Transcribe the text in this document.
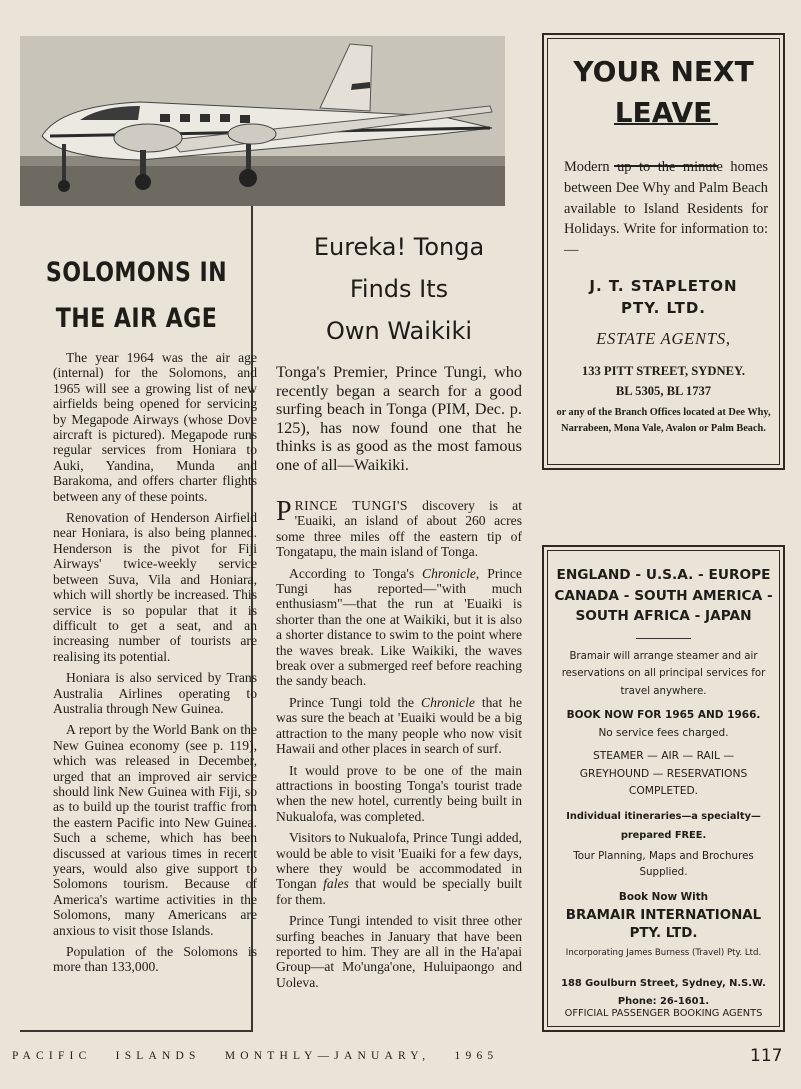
SOLOMONS IN
THE AIR AGE

The year 1964 was the air age (internal) for the Solomons, and 1965 will see a growing list of new airfields being opened for servicing by Megapode Airways (whose Dove aircraft is pictured). Megapode runs regular services from Honiara to Auki, Yandina, Munda and Barakoma, and offers charter flights between any of these points.

Renovation of Henderson Airfield near Honiara, is also being planned. Henderson is the pivot for Fiji Airways' twice-weekly service between Suva, Vila and Honiara, which will shortly be increased. This service is so popular that it is difficult to get a seat, and an increasing number of tourists are realising its potential.

Honiara is also serviced by Trans Australia Airlines operating to Australia through New Guinea.

A report by the World Bank on the New Guinea economy (see p. 119), which was released in December, urged that an improved air service should link New Guinea with Fiji, so as to build up the tourist traffic from the eastern Pacific into New Guinea. Such a scheme, which has been discussed at various times in recent years, would also give support to Solomons tourism. Because of America's wartime activities in the Solomons, many Americans are anxious to visit those Islands.

Population of the Solomons is more than 133,000.

Eureka! Tonga
Finds Its
Own Waikiki
Tonga's Premier, Prince Tungi, who recently began a search for a good surfing beach in Tonga (PIM, Dec. p. 125), has now found one that he thinks is as good as the most famous one of all—Waikiki.

PRINCE TUNGI'S discovery is at 'Euaiki, an island of about 260 acres some three miles off the eastern tip of Tongatapu, the main island of Tonga.

According to Tonga's Chronicle, Prince Tungi has reported—"with much enthusiasm"—that the run at 'Euaiki is shorter than the one at Waikiki, but it is also a shorter distance to swim to the point where the waves break. Like Waikiki, the waves break over a submerged reef before reaching the sandy beach.

Prince Tungi told the Chronicle that he was sure the beach at 'Euaiki would be a big attraction to the many people who now visit Hawaii and other places in search of surf.

It would prove to be one of the main attractions in boosting Tonga's tourist trade when the new hotel, currently being built in Nukualofa, was completed.

Visitors to Nukualofa, Prince Tungi added, would be able to visit 'Euaiki for a few days, where they would be accommodated in Tongan fales that would be specially built for them.

Prince Tungi intended to visit three other surfing beaches in January that have been reported to him. They are all in the Ha'apai Group—at Mo'unga'one, Huluipaongo and Uoleva.

YOUR NEXT
LEAVE
Modern up to the minute homes between Dee Why and Palm Beach available to Island Residents for Holidays. Write for information to:—
J. T. STAPLETON
PTY. LTD.
ESTATE AGENTS,
133 PITT STREET, SYDNEY.
BL 5305, BL 1737
or any of the Branch Offices located at Dee Why, Narrabeen, Mona Vale, Avalon or Palm Beach.
ENGLAND - U.S.A. - EUROPE
CANADA - SOUTH AMERICA -
SOUTH AFRICA - JAPAN
Bramair will arrange steamer and air reservations on all principal services for travel anywhere.
BOOK NOW FOR 1965 AND 1966.
No service fees charged.
STEAMER — AIR — RAIL —
GREYHOUND — RESERVATIONS
COMPLETED.
Individual itineraries—a specialty—
prepared FREE.
Tour Planning, Maps and Brochures Supplied.
Book Now With
BRAMAIR INTERNATIONAL
PTY. LTD.
Incorporating James Burness (Travel) Pty. Ltd.
188 Goulburn Street, Sydney, N.S.W.
Phone: 26-1601.
OFFICIAL PASSENGER BOOKING AGENTS
PACIFIC   ISLANDS   MONTHLY—JANUARY,   1965	117
